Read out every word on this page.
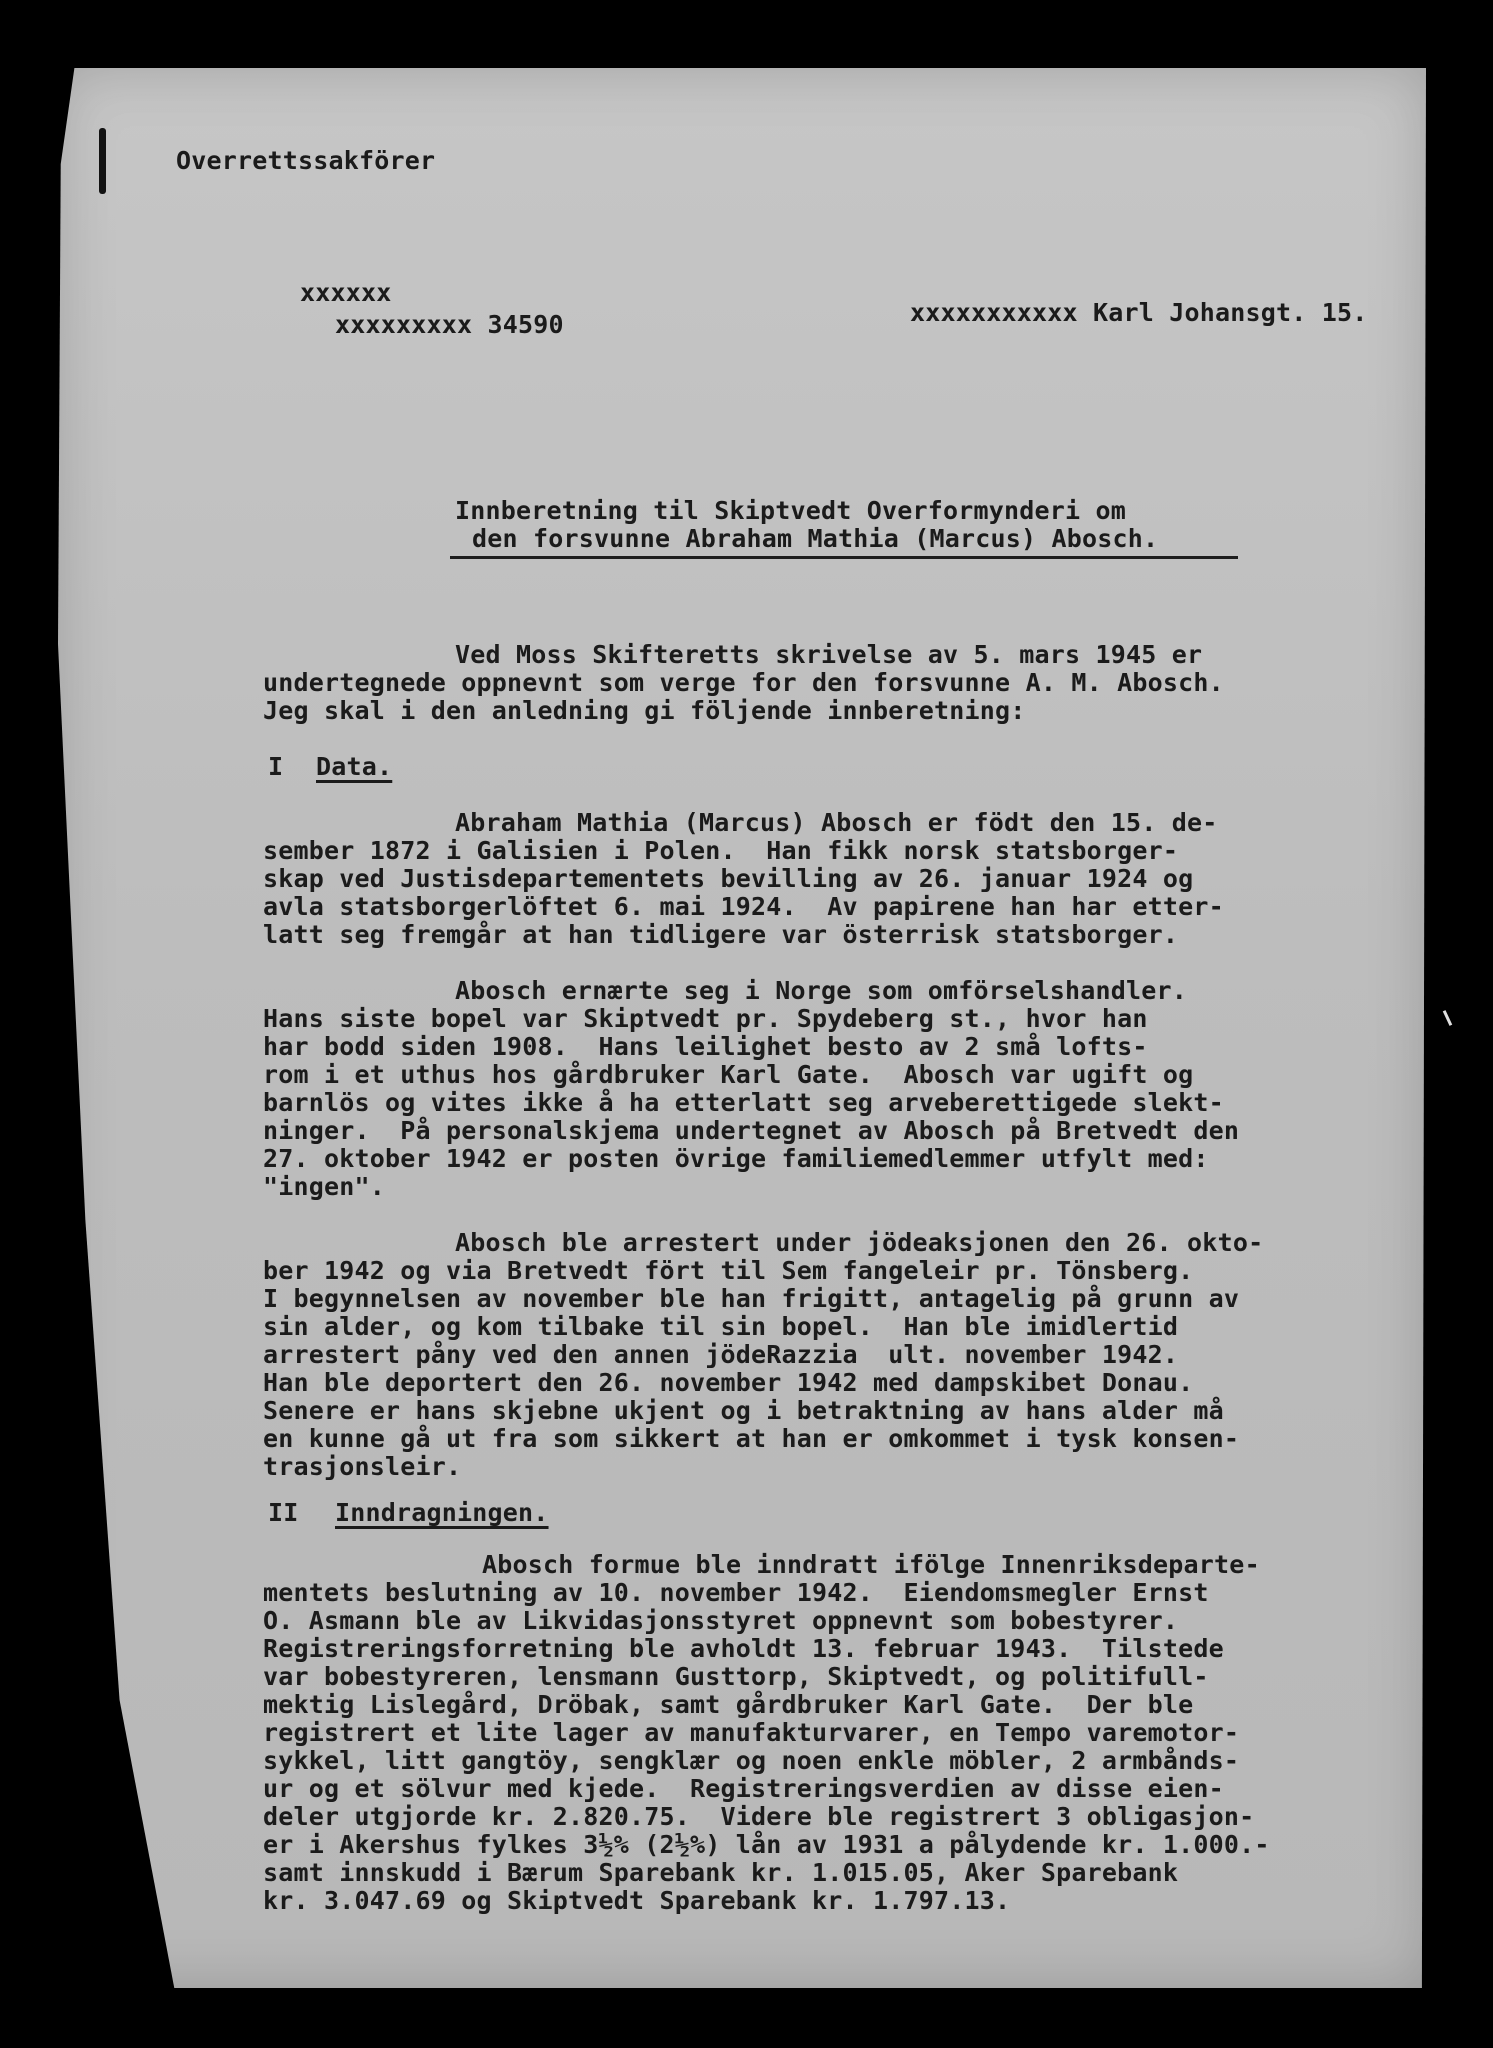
Overrettssakförer

xxxxxx

xxxxxxxxx 34590	xxxxxxxxxxx Karl Johansgt. 15.

Innberetning til Skiptvedt Overformynderi om

den forsvunne Abraham Mathia (Marcus) Abosch.

Ved Moss Skifteretts skrivelse av 5. mars 1945 er

undertegnede oppnevnt som verge for den forsvunne A. M. Abosch.

Jeg skal i den anledning gi följende innberetning:

I Data.

Abraham Mathia (Marcus) Abosch er födt den 15. de-

sember 1872 i Galisien i Polen.  Han fikk norsk statsborger-

skap ved Justisdepartementets bevilling av 26. januar 1924 og

avla statsborgerlöftet 6. mai 1924.  Av papirene han har etter-

latt seg fremgår at han tidligere var österrisk statsborger.

Abosch ernærte seg i Norge som omförselshandler.

Hans siste bopel var Skiptvedt pr. Spydeberg st., hvor han

har bodd siden 1908.  Hans leilighet besto av 2 små lofts-

rom i et uthus hos gårdbruker Karl Gate.  Abosch var ugift og

barnlös og vites ikke å ha etterlatt seg arveberettigede slekt-

ninger.  På personalskjema undertegnet av Abosch på Bretvedt den

27. oktober 1942 er posten övrige familiemedlemmer utfylt med:

"ingen".

Abosch ble arrestert under jödeaksjonen den 26. okto-

ber 1942 og via Bretvedt fört til Sem fangeleir pr. Tönsberg.

I begynnelsen av november ble han frigitt, antagelig på grunn av

sin alder, og kom tilbake til sin bopel.  Han ble imidlertid

arrestert påny ved den annen jödeRazzia  ult. november 1942.

Han ble deportert den 26. november 1942 med dampskibet Donau.

Senere er hans skjebne ukjent og i betraktning av hans alder må

en kunne gå ut fra som sikkert at han er omkommet i tysk konsen-

trasjonsleir.

II Inndragningen.

Abosch formue ble inndratt ifölge Innenriksdeparte-

mentets beslutning av 10. november 1942.  Eiendomsmegler Ernst

O. Asmann ble av Likvidasjonsstyret oppnevnt som bobestyrer.

Registreringsforretning ble avholdt 13. februar 1943.  Tilstede

var bobestyreren, lensmann Gusttorp, Skiptvedt, og politifull-

mektig Lislegård, Dröbak, samt gårdbruker Karl Gate.  Der ble

registrert et lite lager av manufakturvarer, en Tempo varemotor-

sykkel, litt gangtöy, sengklær og noen enkle möbler, 2 armbånds-

ur og et sölvur med kjede.  Registreringsverdien av disse eien-

deler utgjorde kr. 2.820.75.  Videre ble registrert 3 obligasjon-

er i Akershus fylkes 3½% (2½%) lån av 1931 a pålydende kr. 1.000.-

samt innskudd i Bærum Sparebank kr. 1.015.05, Aker Sparebank

kr. 3.047.69 og Skiptvedt Sparebank kr. 1.797.13.
